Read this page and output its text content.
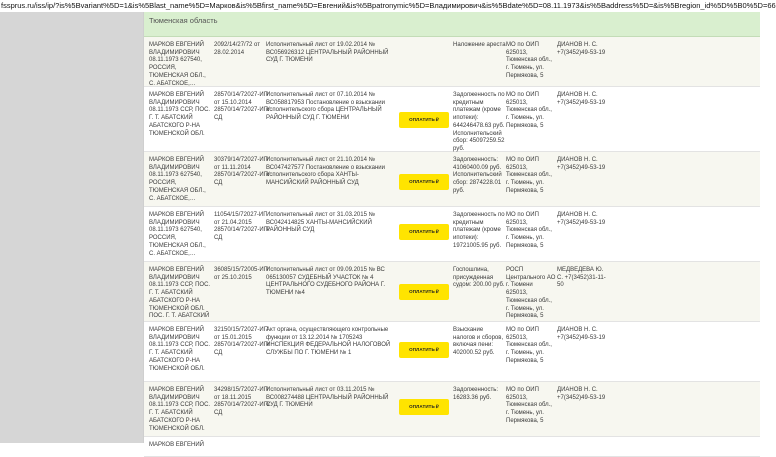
fssprus.ru/iss/ip/?is%5Bvariant%5D=1&is%5Blast_name%5D=Марков&is%5Bfirst_name%5D=Евгений&is%5Bpatronymic%5D=Владимирович&is%5Bdate%5D=08.11.1973&is%5Baddress%5D=&is%5Bregion_id%5D%5B0%5D=66
Тюменская область
МАРКОВ ЕВГЕНИЙ ВЛАДИМИРОВИЧ 08.11.1973 627540, РОССИЯ, ТЮМЕНСКАЯ ОБЛ., С. АБАТСКОЕ,…
2092/14/27/72 от 28.02.2014
Исполнительный лист от 19.02.2014 № ВС056926312 ЦЕНТРАЛЬНЫЙ РАЙОННЫЙ СУД Г. ТЮМЕНИ
Наложение ареста МО по ОИП 625013, Тюменская обл., г. Тюмень, ул. Пермякова, 5
ДИАНОВ Н. С. +7(3452)49-53-19
МАРКОВ ЕВГЕНИЙ ВЛАДИМИРОВИЧ 08.11.1973 ССР, ПОС. Г. Т. АБАТСКИЙ АБАТСКОГО Р-НА ТЮМЕНСКОЙ ОБЛ.
28570/14/72027-ИП от 15.10.2014 28570/14/72027-ИП/СД
Исполнительный лист от 07.10.2014 № ВС058817953 Постановление о взыскании исполнительского сбора ЦЕНТРАЛЬНЫЙ РАЙОННЫЙ СУД Г. ТЮМЕНИ
Задолженность по кредитным платежам (кроме ипотеки): 644246478.63 руб. Исполнительский сбор: 45097259.52 руб.
МО по ОИП 625013, Тюменская обл., г. Тюмень, ул. Пермякова, 5
ДИАНОВ Н. С. +7(3452)49-53-19
ОПЛАТИТЬ₽
МАРКОВ ЕВГЕНИЙ ВЛАДИМИРОВИЧ 08.11.1973 627540, РОССИЯ, ТЮМЕНСКАЯ ОБЛ., С. АБАТСКОЕ,…
30379/14/72027-ИП от 11.11.2014 28570/14/72027-ИП/СД
Исполнительный лист от 21.10.2014 № ВС047427577 Постановление о взыскании исполнительского сбора ХАНТЫ-МАНСИЙСКИЙ РАЙОННЫЙ СУД
Задолженность: 41060400.09 руб. Исполнительский сбор: 2874228.01 руб.
МО по ОИП 625013, Тюменская обл., г. Тюмень, ул. Пермякова, 5
ДИАНОВ Н. С. +7(3452)49-53-19
ОПЛАТИТЬ₽
МАРКОВ ЕВГЕНИЙ ВЛАДИМИРОВИЧ 08.11.1973 627540, РОССИЯ, ТЮМЕНСКАЯ ОБЛ., С. АБАТСКОЕ,…
11054/15/72027-ИП от 21.04.2015 28570/14/72027-ИП/СД
Исполнительный лист от 31.03.2015 № ВС042414825 ХАНТЫ-МАНСИЙСКИЙ РАЙОННЫЙ СУД
Задолженность по кредитным платежам (кроме ипотеки): 19721005.95 руб.
МО по ОИП 625013, Тюменская обл., г. Тюмень, ул. Пермякова, 5
ДИАНОВ Н. С. +7(3452)49-53-19
ОПЛАТИТЬ₽
МАРКОВ ЕВГЕНИЙ ВЛАДИМИРОВИЧ 08.11.1973 ССР, ПОС. Г. Т. АБАТСКИЙ АБАТСКОГО Р-НА ТЮМЕНСКОЙ ОБЛ. ПОС. Г. Т. АБАТСКИЙ
36085/15/72005-ИП от 25.10.2015
Исполнительный лист от 09.09.2015 № ВС 065130057 СУДЕБНЫЙ УЧАСТОК № 4 ЦЕНТРАЛЬНОГО СУДЕБНОГО РАЙОНА Г. ТЮМЕНИ №4
Госпошлина, присужденная судом: 200.00 руб.
РОСП Центрального АО г. Тюмени 625013, Тюменская обл., г. Тюмень, ул. Пермякова, 5
МЕДВЕДЕВА Ю. С. +7(3452)31-11-50
ОПЛАТИТЬ₽
МАРКОВ ЕВГЕНИЙ ВЛАДИМИРОВИЧ 08.11.1973 ССР, ПОС. Г. Т. АБАТСКИЙ АБАТСКОГО Р-НА ТЮМЕНСКОЙ ОБЛ.
32150/15/72027-ИП от 15.01.2015 28570/14/72027-ИП/СД
Акт органа, осуществляющего контрольные функции от 13.12.2014 № 1705243 ИНСПЕКЦИЯ ФЕДЕРАЛЬНОЙ НАЛОГОВОЙ СЛУЖБЫ ПО Г. ТЮМЕНИ № 1
Взыскание налогов и сборов, включая пени: 402000.52 руб.
МО по ОИП 625013, Тюменская обл., г. Тюмень, ул. Пермякова, 5
ДИАНОВ Н. С. +7(3452)49-53-19
ОПЛАТИТЬ₽
МАРКОВ ЕВГЕНИЙ ВЛАДИМИРОВИЧ 08.11.1973 ССР, ПОС. Г. Т. АБАТСКИЙ АБАТСКОГО Р-НА ТЮМЕНСКОЙ ОБЛ.
34298/15/72027-ИП от 18.11.2015 28570/14/72027-ИП/СД
Исполнительный лист от 03.11.2015 № ВС008274488 ЦЕНТРАЛЬНЫЙ РАЙОННЫЙ СУД Г. ТЮМЕНИ
Задолженность: 16283.36 руб.
МО по ОИП 625013, Тюменская обл., г. Тюмень, ул. Пермякова, 5
ДИАНОВ Н. С. +7(3452)49-53-19
ОПЛАТИТЬ₽
МАРКОВ ЕВГЕНИЙ
